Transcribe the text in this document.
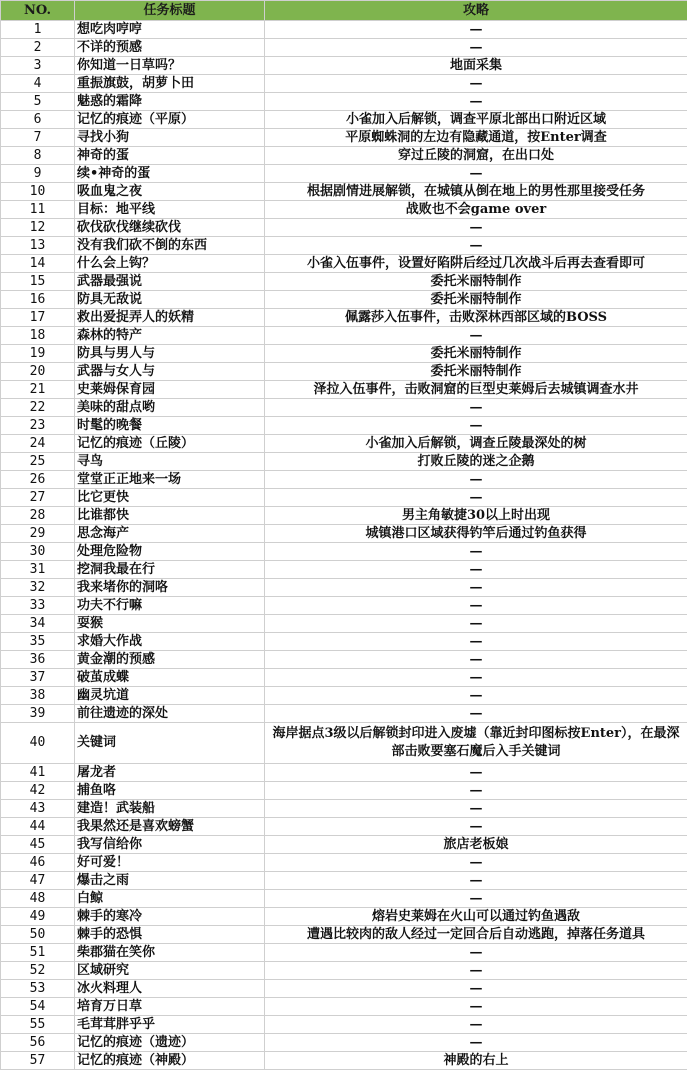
NO.	任务标题	攻略
1	想吃肉哼哼	—
2	不详的预感	—
3	你知道一日草吗？	地面采集
4	重振旗鼓，胡萝卜田	—
5	魅惑的霜降	—
6	记忆的痕迹（平原）	小雀加入后解锁，调查平原北部出口附近区域
7	寻找小狗	平原蜘蛛洞的左边有隐藏通道，按Enter调查
8	神奇的蛋	穿过丘陵的洞窟，在出口处
9	续•神奇的蛋	—
10	吸血鬼之夜	根据剧情进展解锁，在城镇从倒在地上的男性那里接受任务
11	目标：地平线	战败也不会game over
12	砍伐砍伐继续砍伐	—
13	没有我们砍不倒的东西	—
14	什么会上钩？	小雀入伍事件，设置好陷阱后经过几次战斗后再去查看即可
15	武器最强说	委托米丽特制作
16	防具无敌说	委托米丽特制作
17	救出爱捉弄人的妖精	佩露莎入伍事件，击败深林西部区域的BOSS
18	森林的特产	—
19	防具与男人与	委托米丽特制作
20	武器与女人与	委托米丽特制作
21	史莱姆保育园	泽拉入伍事件，击败洞窟的巨型史莱姆后去城镇调查水井
22	美味的甜点哟	—
23	时髦的晚餐	—
24	记忆的痕迹（丘陵）	小雀加入后解锁，调查丘陵最深处的树
25	寻鸟	打败丘陵的迷之企鹅
26	堂堂正正地来一场	—
27	比它更快	—
28	比谁都快	男主角敏捷30以上时出现
29	思念海产	城镇港口区域获得钓竿后通过钓鱼获得
30	处理危险物	—
31	挖洞我最在行	—
32	我来堵你的洞咯	—
33	功夫不行嘛	—
34	耍猴	—
35	求婚大作战	—
36	黄金潮的预感	—
37	破茧成蝶	—
38	幽灵坑道	—
39	前往遗迹的深处	—
40	关键词	海岸据点3级以后解锁封印进入废墟（靠近封印图标按Enter），在最深部击败要塞石魔后入手关键词
41	屠龙者	—
42	捕鱼咯	—
43	建造！武装船	—
44	我果然还是喜欢螃蟹	—
45	我写信给你	旅店老板娘
46	好可爱！	—
47	爆击之雨	—
48	白鲸	—
49	棘手的寒冷	熔岩史莱姆在火山可以通过钓鱼遇敌
50	棘手的恐惧	遭遇比较肉的敌人经过一定回合后自动逃跑，掉落任务道具
51	柴郡猫在笑你	—
52	区域研究	—
53	冰火料理人	—
54	培育万日草	—
55	毛茸茸胖乎乎	—
56	记忆的痕迹（遗迹）	—
57	记忆的痕迹（神殿）	神殿的右上
